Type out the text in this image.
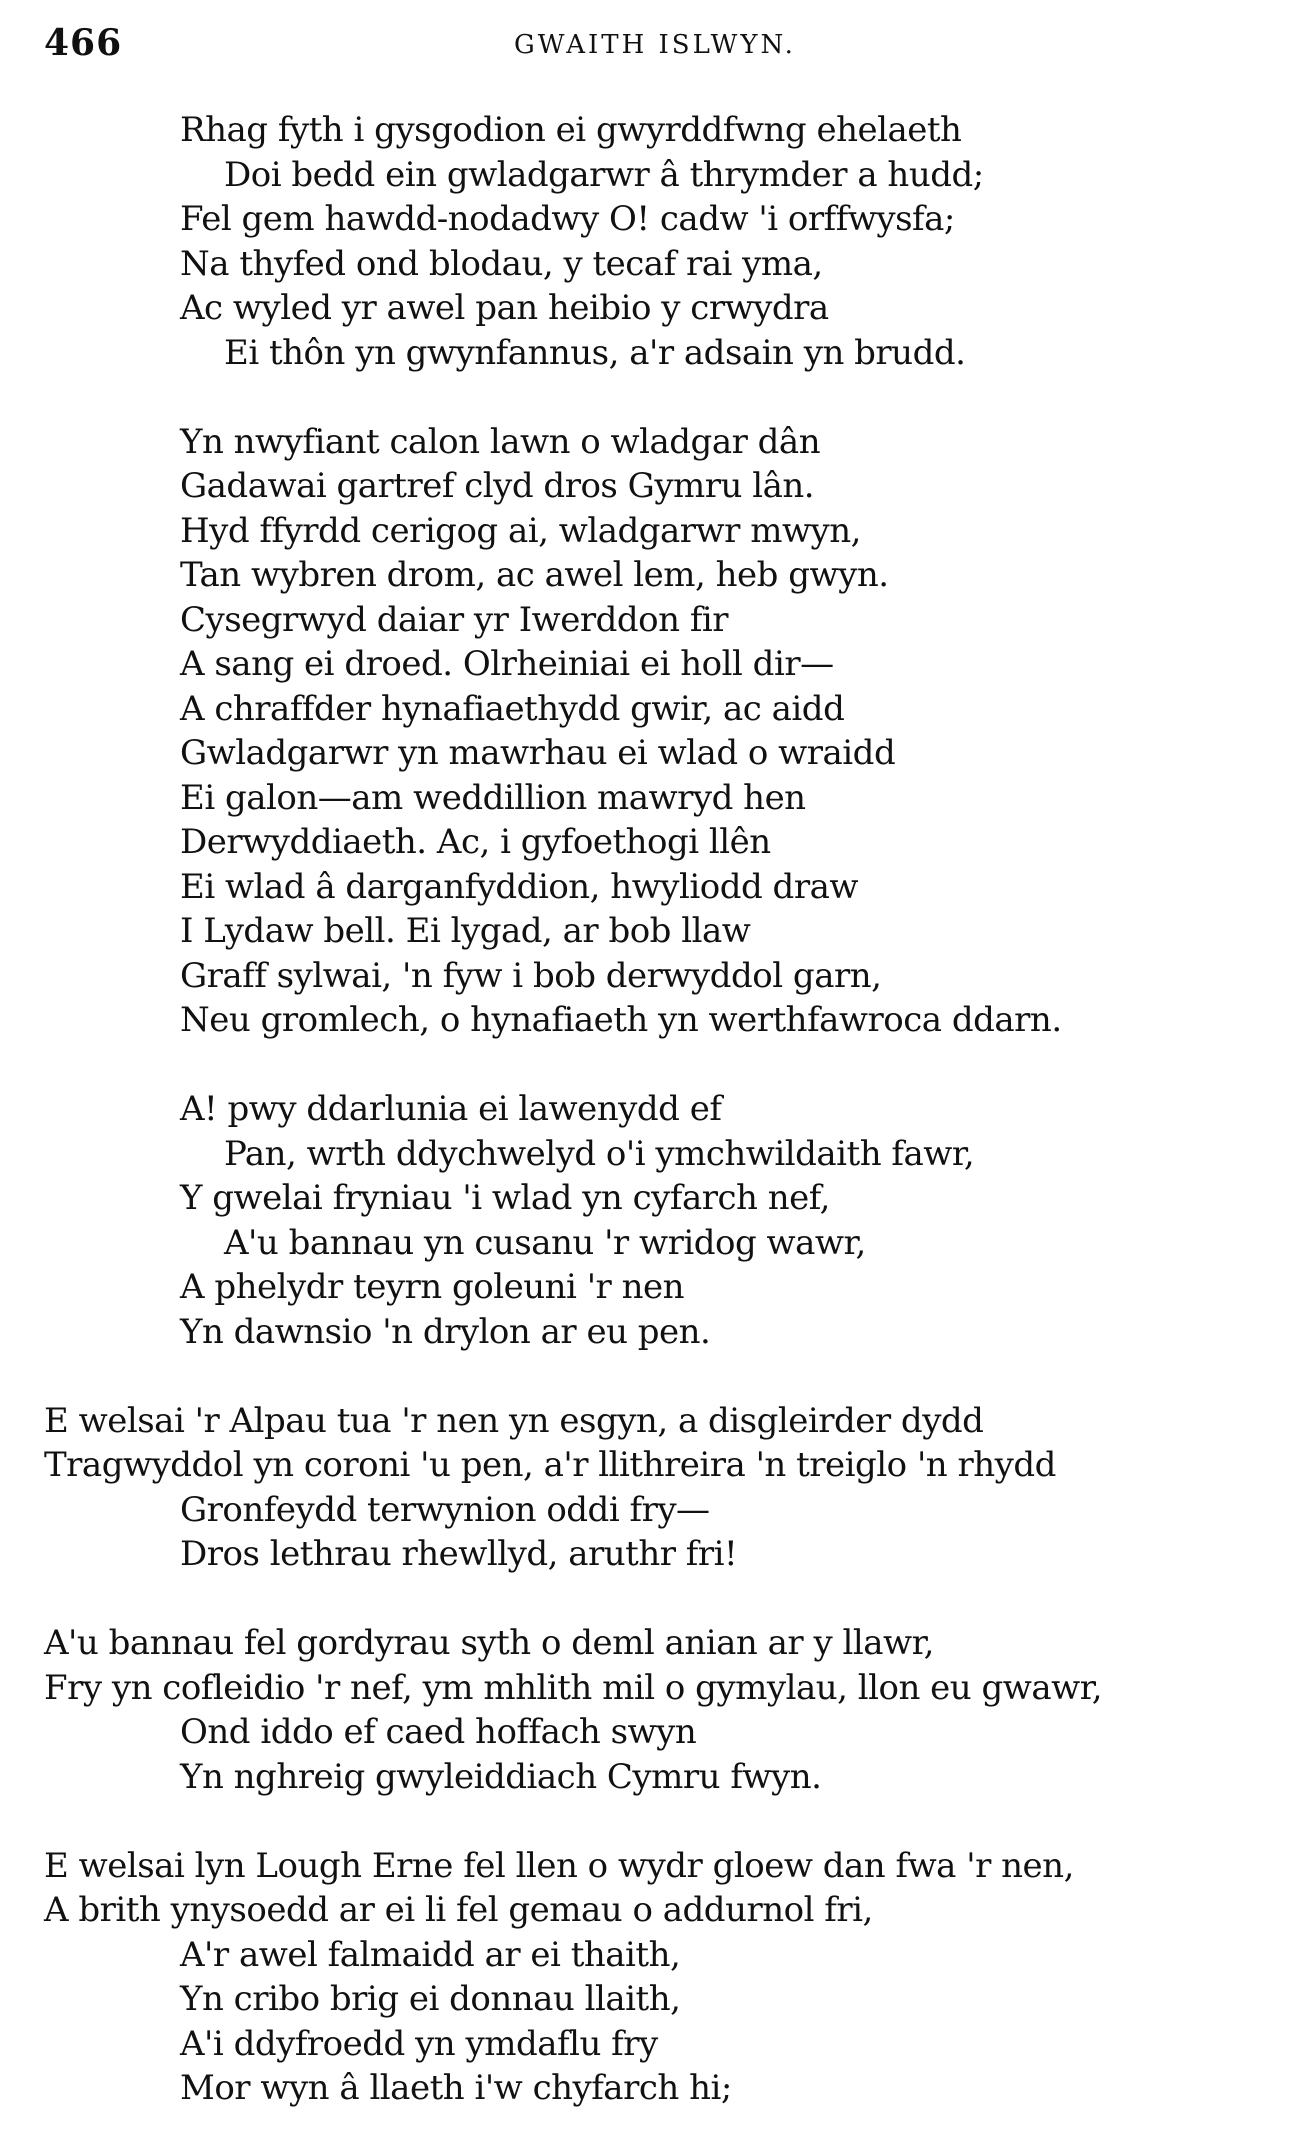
466	GWAITH ISLWYN.
Rhag fyth i gysgodion ei gwyrddfwng ehelaeth
Doi bedd ein gwladgarwr â thrymder a hudd;
Fel gem hawdd-nodadwy O! cadw 'i orffwysfa;
Na thyfed ond blodau, y tecaf rai yma,
Ac wyled yr awel pan heibio y crwydra
Ei thôn yn gwynfannus, a'r adsain yn brudd.
Yn nwyfiant calon lawn o wladgar dân
Gadawai gartref clyd dros Gymru lân.
Hyd ffyrdd cerigog ai, wladgarwr mwyn,
Tan wybren drom, ac awel lem, heb gwyn.
Cysegrwyd daiar yr Iwerddon fir
A sang ei droed. Olrheiniai ei holl dir—
A chraffder hynafiaethydd gwir, ac aidd
Gwladgarwr yn mawrhau ei wlad o wraidd
Ei galon—am weddillion mawryd hen
Derwyddiaeth. Ac, i gyfoethogi llên
Ei wlad â darganfyddion, hwyliodd draw
I Lydaw bell. Ei lygad, ar bob llaw
Graff sylwai, 'n fyw i bob derwyddol garn,
Neu gromlech, o hynafiaeth yn werthfawroca ddarn.
A! pwy ddarlunia ei lawenydd ef
Pan, wrth ddychwelyd o'i ymchwildaith fawr,
Y gwelai fryniau 'i wlad yn cyfarch nef,
A'u bannau yn cusanu 'r wridog wawr,
A phelydr teyrn goleuni 'r nen
Yn dawnsio 'n drylon ar eu pen.
E welsai 'r Alpau tua 'r nen yn esgyn, a disgleirder dydd
Tragwyddol yn coroni 'u pen, a'r llithreira 'n treiglo 'n rhydd
Gronfeydd terwynion oddi fry—
Dros lethrau rhewllyd, aruthr fri!
A'u bannau fel gordyrau syth o deml anian ar y llawr,
Fry yn cofleidio 'r nef, ym mhlith mil o gymylau, llon eu gwawr,
Ond iddo ef caed hoffach swyn
Yn nghreig gwyleiddiach Cymru fwyn.
E welsai lyn Lough Erne fel llen o wydr gloew dan fwa 'r nen,
A brith ynysoedd ar ei li fel gemau o addurnol fri,
A'r awel falmaidd ar ei thaith,
Yn cribo brig ei donnau llaith,
A'i ddyfroedd yn ymdaflu fry
Mor wyn â llaeth i'w chyfarch hi;
